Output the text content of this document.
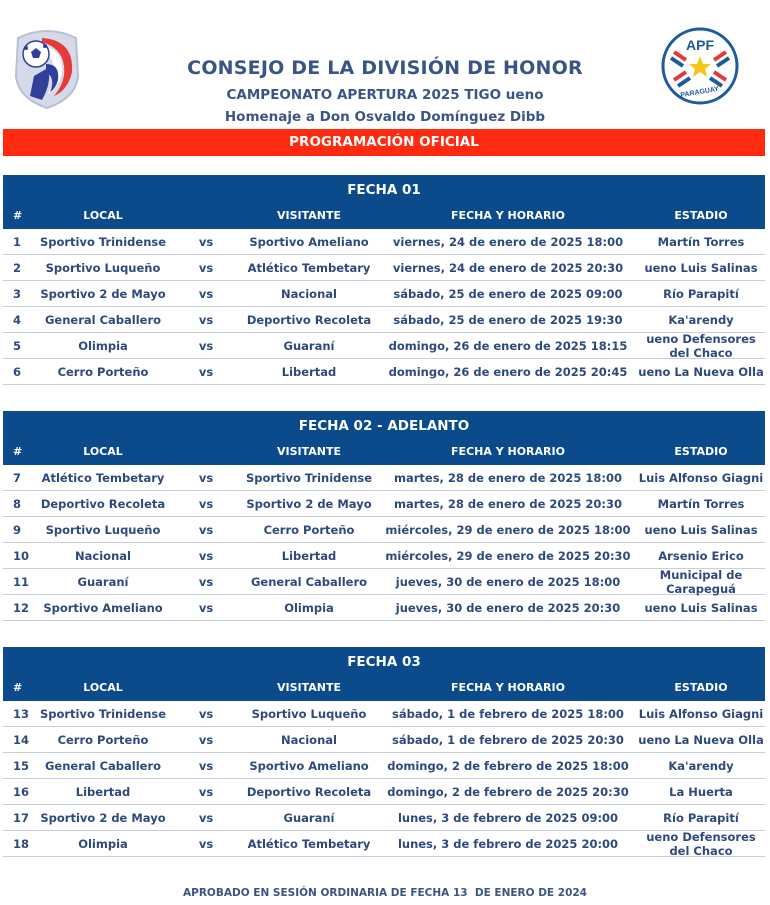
CONSEJO DE LA DIVISIÓN DE HONOR
CAMPEONATO APERTURA 2025 TIGO ueno
Homenaje a Don Osvaldo Domínguez Dibb
APF
PARAGUAY
PROGRAMACIÓN OFICIAL
FECHA 01
#	LOCAL	VISITANTE	FECHA Y HORARIO	ESTADIO
1	Sportivo Trinidense	vs	Sportivo Ameliano	viernes, 24 de enero de 2025 18:00	Martín Torres
2	Sportivo Luqueño	vs	Atlético Tembetary	viernes, 24 de enero de 2025 20:30	ueno Luis Salinas
3	Sportivo 2 de Mayo	vs	Nacional	sábado, 25 de enero de 2025 09:00	Río Parapití
4	General Caballero	vs	Deportivo Recoleta	sábado, 25 de enero de 2025 19:30	Ka'arendy
5	Olimpia	vs	Guaraní	domingo, 26 de enero de 2025 18:15	ueno Defensores del Chaco
6	Cerro Porteño	vs	Libertad	domingo, 26 de enero de 2025 20:45 ueno La Nueva Olla
FECHA 02 - ADELANTO
#	LOCAL	VISITANTE	FECHA Y HORARIO	ESTADIO
7	Atlético Tembetary	vs	Sportivo Trinidense	martes, 28 de enero de 2025 18:00	Luis Alfonso Giagni
8	Deportivo Recoleta	vs	Sportivo 2 de Mayo	martes, 28 de enero de 2025 20:30	Martín Torres
9	Sportivo Luqueño	vs	Cerro Porteño	miércoles, 29 de enero de 2025 18:00	ueno Luis Salinas
10	Nacional	vs	Libertad	miércoles, 29 de enero de 2025 20:30	Arsenio Erico
11	Guaraní	vs	General Caballero	jueves, 30 de enero de 2025 18:00	Municipal de Carapeguá
12	Sportivo Ameliano	vs	Olimpia	jueves, 30 de enero de 2025 20:30	ueno Luis Salinas
FECHA 03
#	LOCAL	VISITANTE	FECHA Y HORARIO	ESTADIO
13 Sportivo Trinidense	vs	Sportivo Luqueño	sábado, 1 de febrero de 2025 18:00	Luis Alfonso Giagni
14	Cerro Porteño	vs	Nacional	sábado, 1 de febrero de 2025 20:30	ueno La Nueva Olla
15	General Caballero	vs	Sportivo Ameliano	domingo, 2 de febrero de 2025 18:00	Ka'arendy
16	Libertad	vs	Deportivo Recoleta	domingo, 2 de febrero de 2025 20:30	La Huerta
17 Sportivo 2 de Mayo	vs	Guaraní	lunes, 3 de febrero de 2025 09:00	Río Parapití
18	Olimpia	vs	Atlético Tembetary	lunes, 3 de febrero de 2025 20:00	ueno Defensores del Chaco
APROBADO EN SESIÓN ORDINARIA DE FECHA 13  DE ENERO DE 2024
